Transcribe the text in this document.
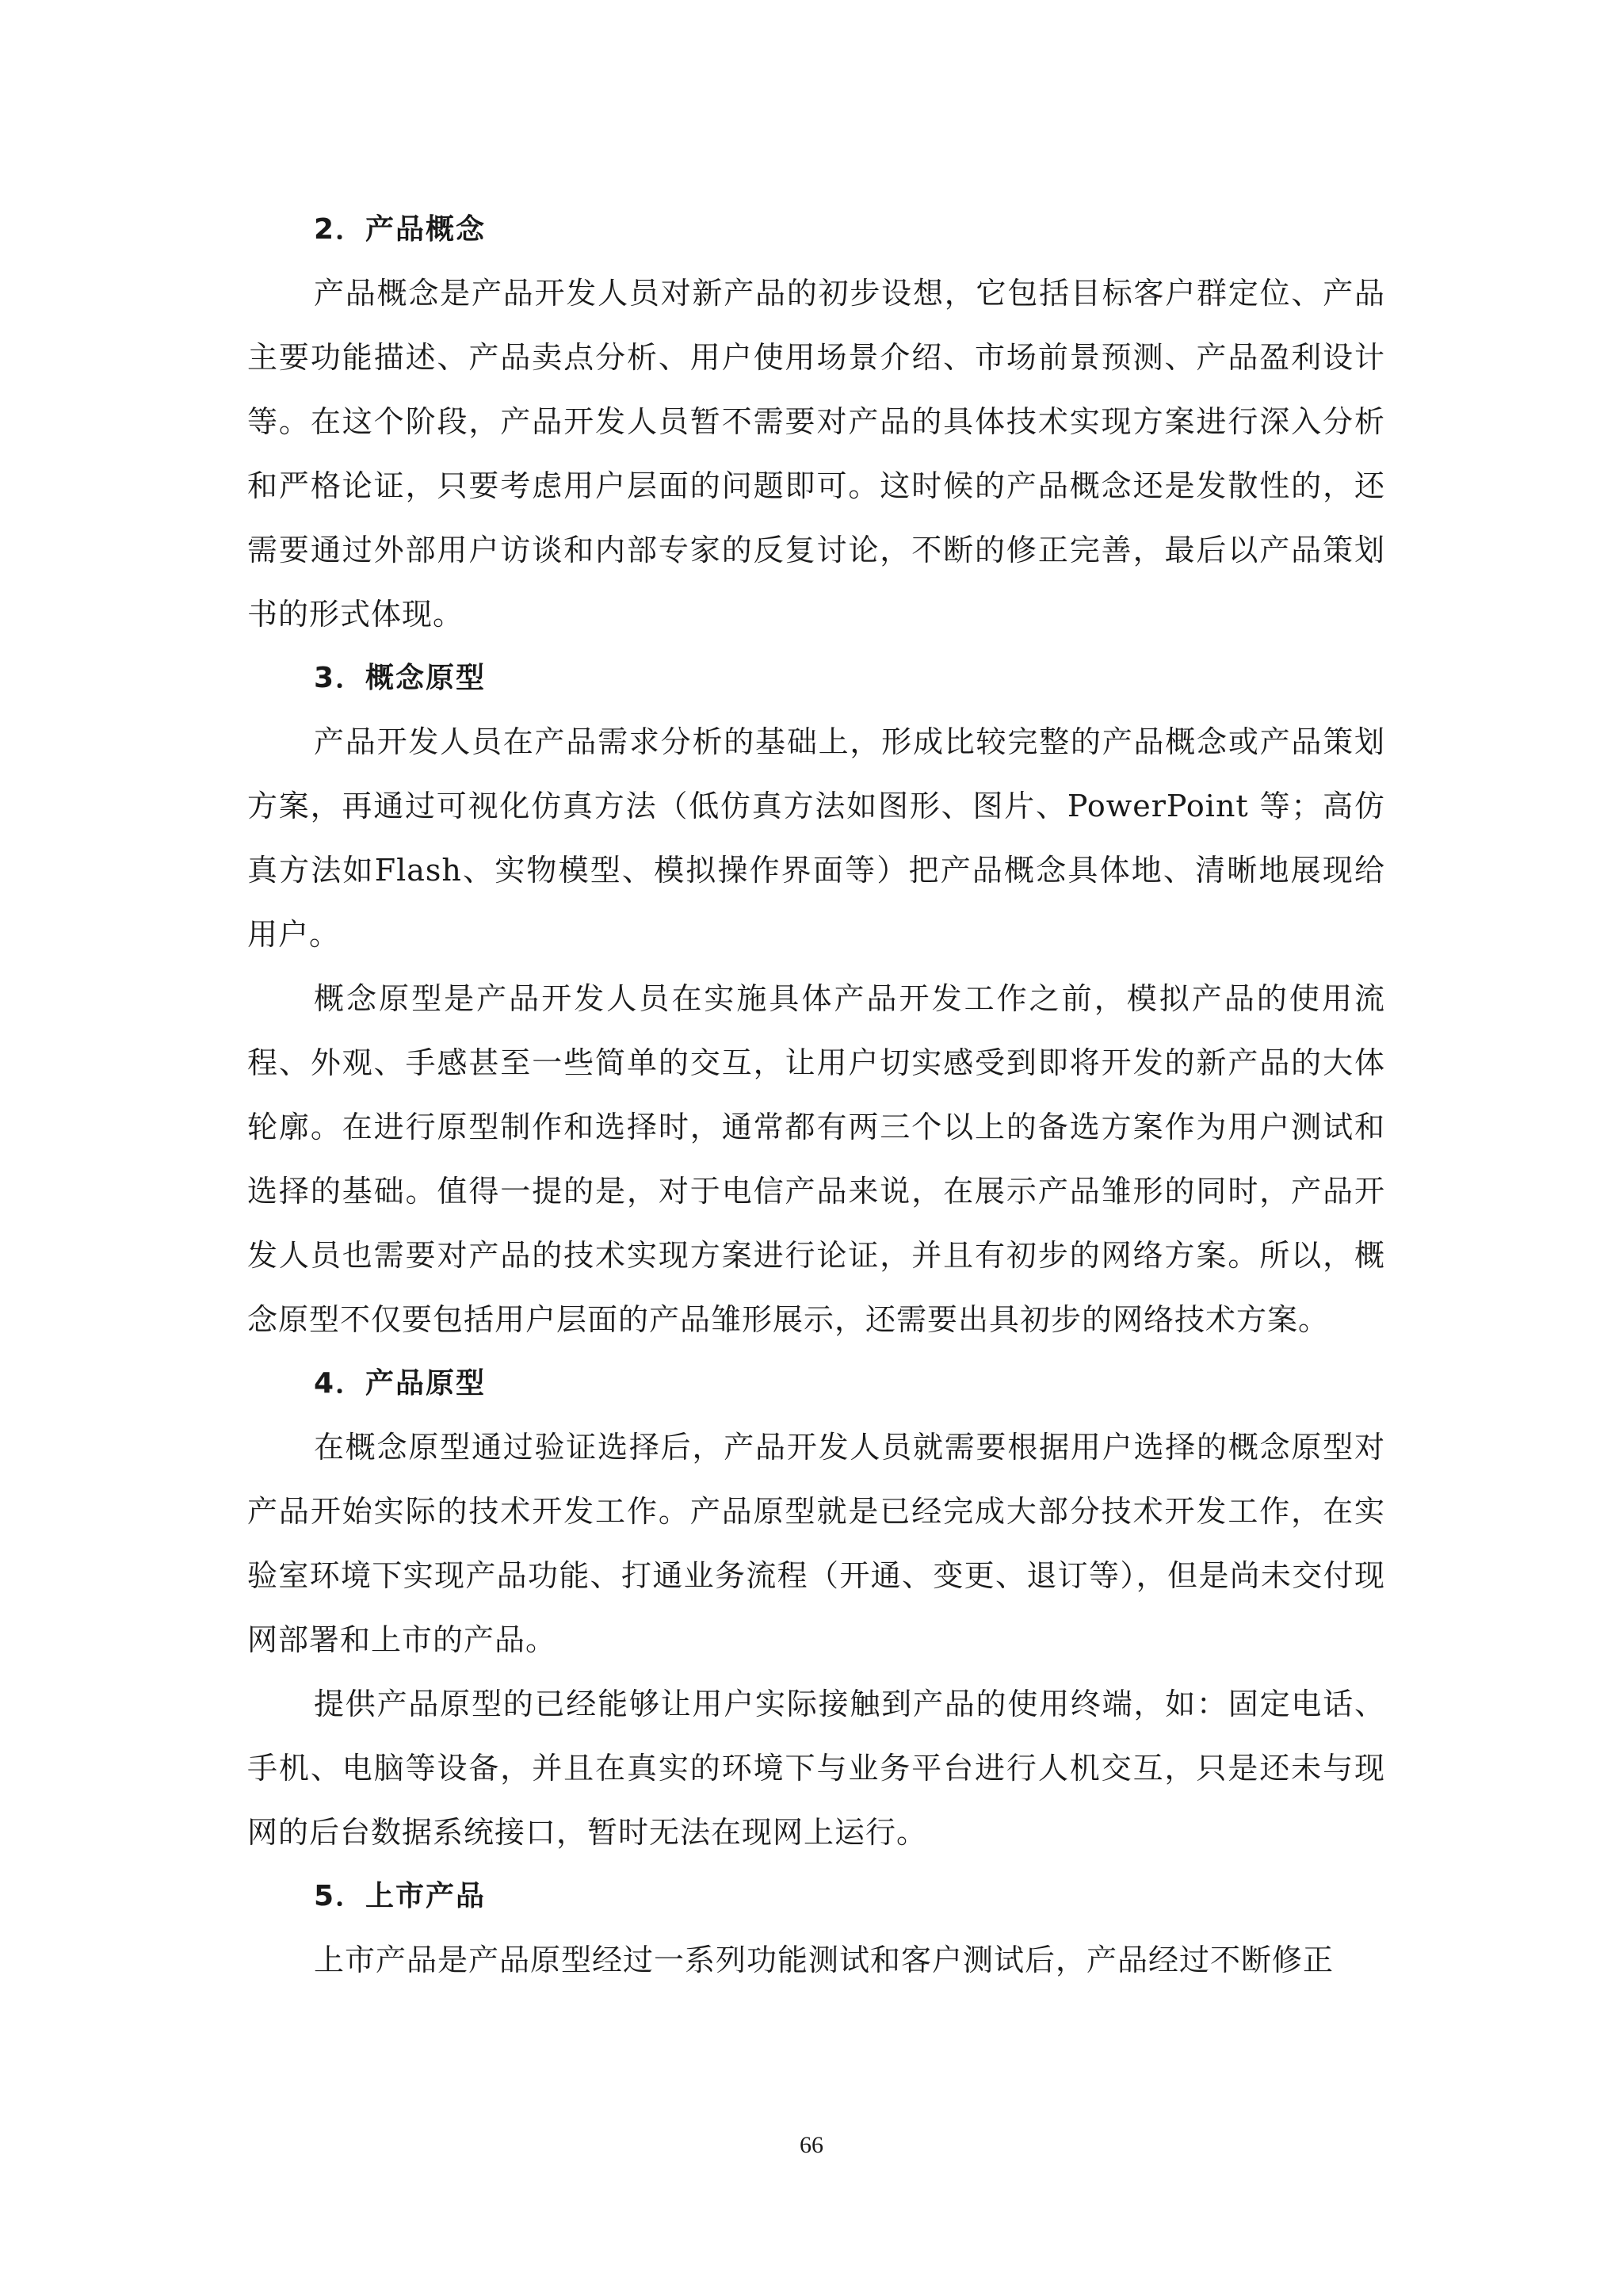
2．产品概念

产品概念是产品开发人员对新产品的初步设想，它包括目标客户群定位、产品主要功能描述、产品卖点分析、用户使用场景介绍、市场前景预测、产品盈利设计等。在这个阶段，产品开发人员暂不需要对产品的具体技术实现方案进行深入分析和严格论证，只要考虑用户层面的问题即可。这时候的产品概念还是发散性的，还需要通过外部用户访谈和内部专家的反复讨论，不断的修正完善，最后以产品策划书的形式体现。

3．概念原型

产品开发人员在产品需求分析的基础上，形成比较完整的产品概念或产品策划方案，再通过可视化仿真方法（低仿真方法如图形、图片、PowerPoint 等；高仿真方法如Flash、实物模型、模拟操作界面等）把产品概念具体地、清晰地展现给用户。

概念原型是产品开发人员在实施具体产品开发工作之前，模拟产品的使用流程、外观、手感甚至一些简单的交互，让用户切实感受到即将开发的新产品的大体轮廓。在进行原型制作和选择时，通常都有两三个以上的备选方案作为用户测试和选择的基础。值得一提的是，对于电信产品来说，在展示产品雏形的同时，产品开发人员也需要对产品的技术实现方案进行论证，并且有初步的网络方案。所以，概念原型不仅要包括用户层面的产品雏形展示，还需要出具初步的网络技术方案。

4．产品原型

在概念原型通过验证选择后，产品开发人员就需要根据用户选择的概念原型对产品开始实际的技术开发工作。产品原型就是已经完成大部分技术开发工作，在实验室环境下实现产品功能、打通业务流程（开通、变更、退订等），但是尚未交付现网部署和上市的产品。

提供产品原型的已经能够让用户实际接触到产品的使用终端，如：固定电话、手机、电脑等设备，并且在真实的环境下与业务平台进行人机交互，只是还未与现网的后台数据系统接口，暂时无法在现网上运行。

5．上市产品

上市产品是产品原型经过一系列功能测试和客户测试后，产品经过不断修正

66
